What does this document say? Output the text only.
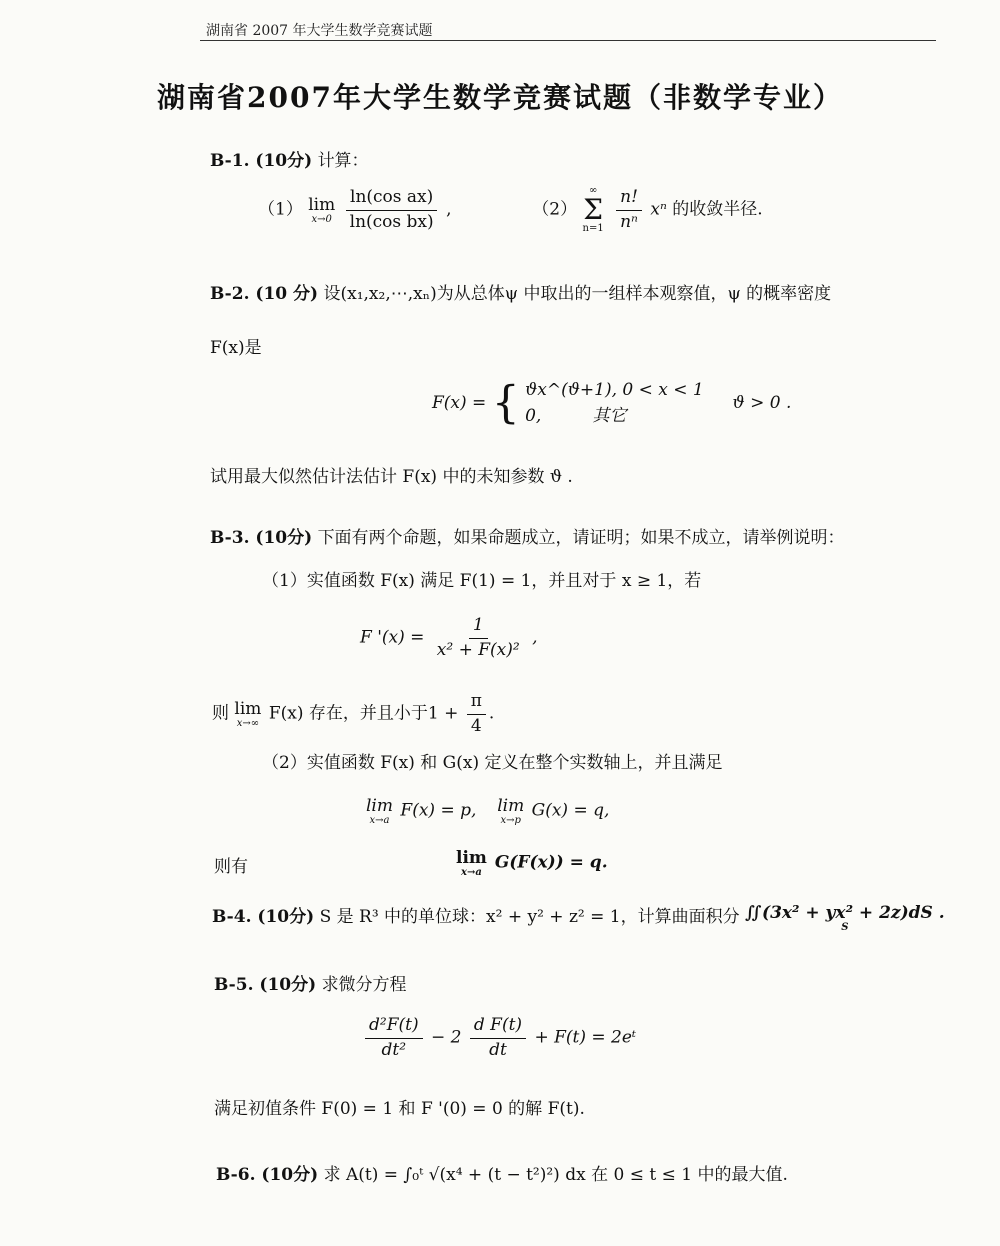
湖南省 2007 年大学生数学竞赛试题
湖南省2007年大学生数学竞赛试题（非数学专业）
B-1. (10分) 计算：
（1） lim
x→0
$\frac{\text{ln(cos ax)}}{\text{ln(cos bx)}}$ ,	（2）
∞
Σ
n=1
$\frac{n!}{\text{nⁿ}}$ xⁿ 的收敛半径.
B-2. (10 分) 设(x₁,x₂,⋯,xₙ)为从总体ψ 中取出的一组样本观察值，ψ 的概率密度
F(x)是
F(x) = { ϑx^(ϑ+1), 0 < x < 1
0,　　　其它
ϑ > 0 .
试用最大似然估计法估计 F(x) 中的未知参数 ϑ .
B-3. (10分) 下面有两个命题，如果命题成立，请证明；如果不成立，请举例说明：
（1）实值函数 F(x) 满足 F(1) = 1，并且对于 x ≥ 1，若
F '$(x) = \frac{1}{\text{x² + F(x)²}}$ ,
则 lim
x→∞ F(x) 存在，并且小于$1 + \frac{\pi}{4}$ .
（2）实值函数 F(x) 和 G(x) 定义在整个实数轴上，并且满足
lim
x→a F(x) = p, lim
x→p G(x) = q,
则有	lim
x→a G(F(x)) = q.
B-4. (10分) S 是 R³ 中的单位球：x² + y² + z² = 1，计算曲面积分 ∬(3x² + yx² + 2z)dS .
S
B-5. (10分) 求微分方程
$\frac{\text{d²F(t)}}{\text{dt²}} - 2 \frac{\text{d F(t)}}{dt} + F(t)$ = 2eᵗ
满足初值条件 F(0) = 1 和 F '(0) = 0 的解 F(t).
B-6. (10分) 求 A(t) = ∫₀ᵗ √(x⁴ + (t − t²)²) dx 在 0 ≤ t ≤ 1 中的最大值.
